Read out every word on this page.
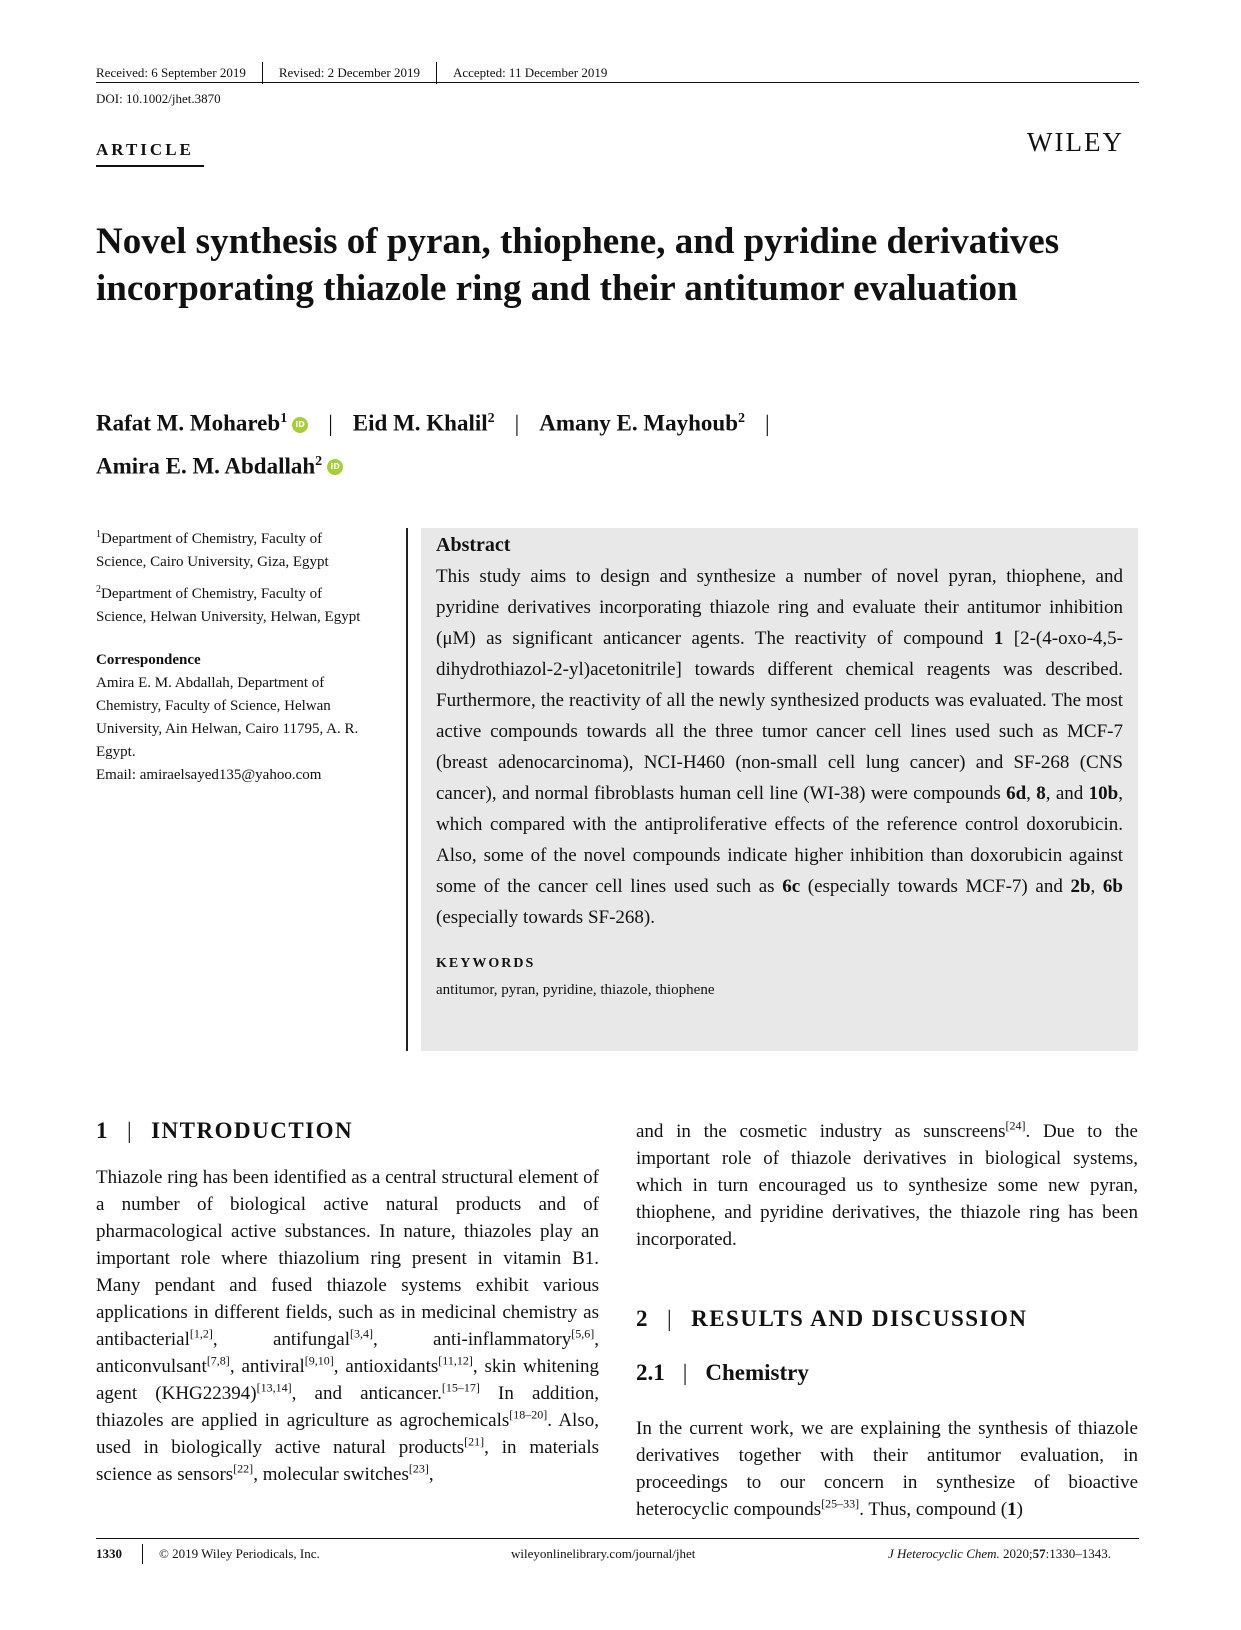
Received: 6 September 2019	Revised: 2 December 2019	Accepted: 11 December 2019
DOI: 10.1002/jhet.3870
ARTICLE	WILEY
Novel synthesis of pyran, thiophene, and pyridine derivatives incorporating thiazole ring and their antitumor evaluation
Rafat M. Mohareb$^1$ iD | Eid M. Khalil$^2$ | Amany E. Mayhoub$^2$ |
Amira E. M. Abdallah$^2$ iD

$^1$Department of Chemistry, Faculty of Science, Cairo University, Giza, Egypt

$^2$Department of Chemistry, Faculty of Science, Helwan University, Helwan, Egypt

Correspondence
Amira E. M. Abdallah, Department of Chemistry, Faculty of Science, Helwan University, Ain Helwan, Cairo 11795, A. R. Egypt.
Email: amiraelsayed135@yahoo.com
Abstract

This study aims to design and synthesize a number of novel pyran, thiophene, and pyridine derivatives incorporating thiazole ring and evaluate their antitumor inhibition (μM) as significant anticancer agents. The reactivity of compound 1 [2-(4-oxo-4,5-dihydrothiazol-2-yl)acetonitrile] towards different chemical reagents was described. Furthermore, the reactivity of all the newly synthesized products was evaluated. The most active compounds towards all the three tumor cancer cell lines used such as MCF-7 (breast adenocarcinoma), NCI-H460 (non-small cell lung cancer) and SF-268 (CNS cancer), and normal fibroblasts human cell line (WI-38) were compounds 6d, 8, and 10b, which compared with the antiproliferative effects of the reference control doxorubicin. Also, some of the novel compounds indicate higher inhibition than doxorubicin against some of the cancer cell lines used such as 6c (especially towards MCF-7) and 2b, 6b (especially towards SF-268).

KEYWORDS
antitumor, pyran, pyridine, thiazole, thiophene
1 | INTRODUCTION

Thiazole ring has been identified as a central structural element of a number of biological active natural products and of pharmacological active substances. In nature, thiazoles play an important role where thiazolium ring present in vitamin B1. Many pendant and fused thiazole systems exhibit various applications in different fields, such as in medicinal chemistry as antibacterial[1,2], antifungal[3,4], anti-inflammatory[5,6], anticonvulsant[7,8], antiviral[9,10], antioxidants[11,12], skin whitening agent (KHG22394)[13,14], and anticancer.[15–17] In addition, thiazoles are applied in agriculture as agrochemicals[18–20]. Also, used in biologically active natural products[21], in materials science as sensors[22], molecular switches[23],

and in the cosmetic industry as sunscreens[24]. Due to the important role of thiazole derivatives in biological systems, which in turn encouraged us to synthesize some new pyran, thiophene, and pyridine derivatives, the thiazole ring has been incorporated.

2 | RESULTS AND DISCUSSION
2.1 | Chemistry

In the current work, we are explaining the synthesis of thiazole derivatives together with their antitumor evaluation, in proceedings to our concern in synthesize of bioactive heterocyclic compounds[25–33]. Thus, compound (1)

1330	© 2019 Wiley Periodicals, Inc.	wileyonlinelibrary.com/journal/jhet	J Heterocyclic Chem. 2020;57:1330–1343.
